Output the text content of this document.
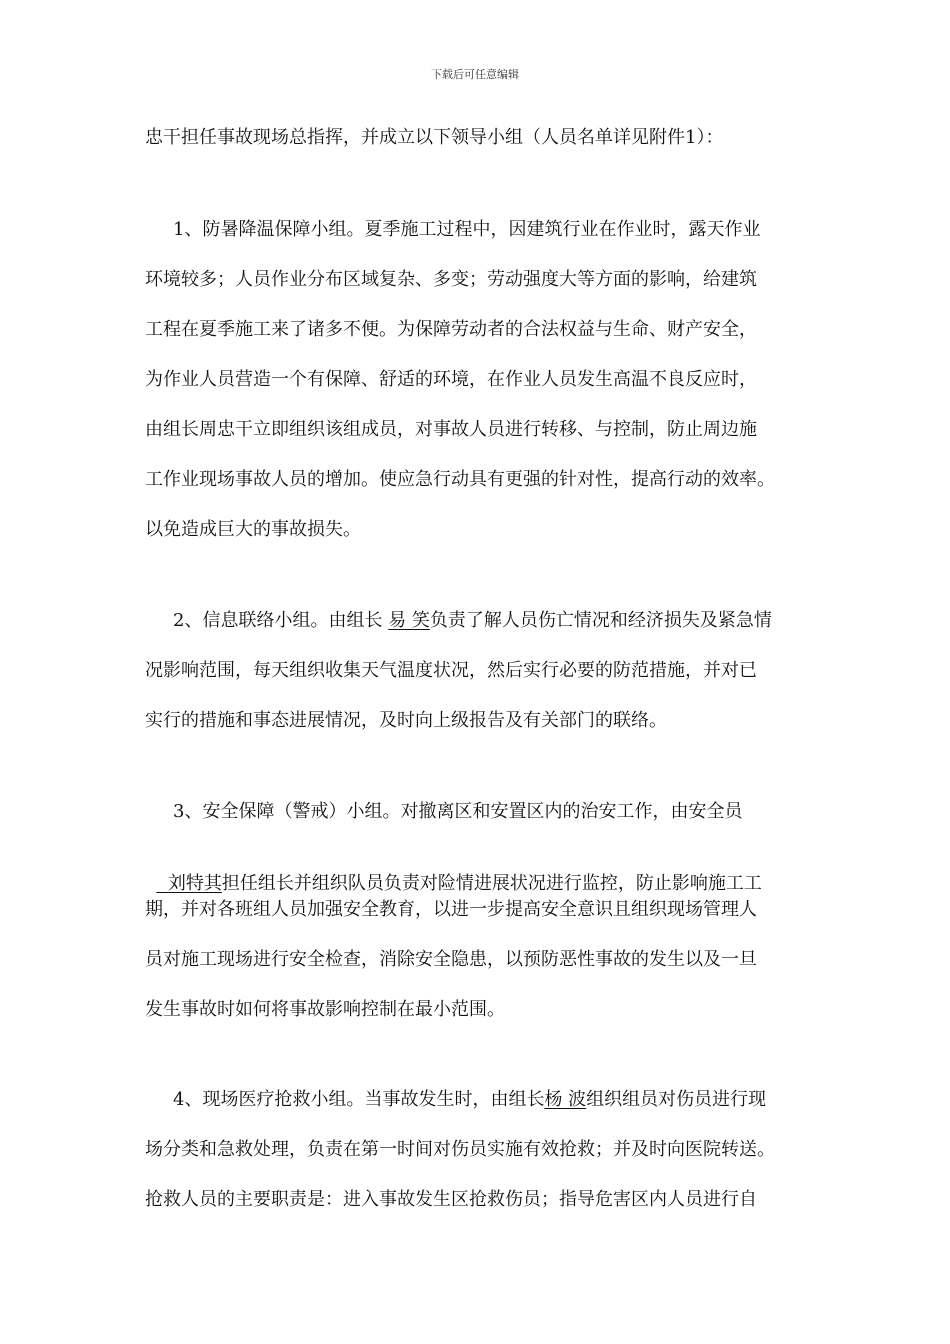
下载后可任意编辑
忠干担任事故现场总指挥，并成立以下领导小组（人员名单详见附件1）：
1、防暑降温保障小组。夏季施工过程中，因建筑行业在作业时，露天作业
环境较多；人员作业分布区域复杂、多变；劳动强度大等方面的影响，给建筑
工程在夏季施工来了诸多不便。为保障劳动者的合法权益与生命、财产安全，
为作业人员营造一个有保障、舒适的环境，在作业人员发生高温不良反应时，
由组长周忠干立即组织该组成员，对事故人员进行转移、与控制，防止周边施
工作业现场事故人员的增加。使应急行动具有更强的针对性，提高行动的效率。
以免造成巨大的事故损失。
2、信息联络小组。由组长 易 笑负责了解人员伤亡情况和经济损失及紧急情
况影响范围，每天组织收集天气温度状况，然后实行必要的防范措施，并对已
实行的措施和事态进展情况，及时向上级报告及有关部门的联络。
3、安全保障（警戒）小组。对撤离区和安置区内的治安工作，由安全员

刘特其担任组长并组织队员负责对险情进展状况进行监控，防止影响施工工

期，并对各班组人员加强安全教育，以进一步提高安全意识且组织现场管理人
员对施工现场进行安全检查，消除安全隐患，以预防恶性事故的发生以及一旦
发生事故时如何将事故影响控制在最小范围。
4、现场医疗抢救小组。当事故发生时，由组长杨 波组织组员对伤员进行现
场分类和急救处理，负责在第一时间对伤员实施有效抢救；并及时向医院转送。
抢救人员的主要职责是：进入事故发生区抢救伤员；指导危害区内人员进行自
